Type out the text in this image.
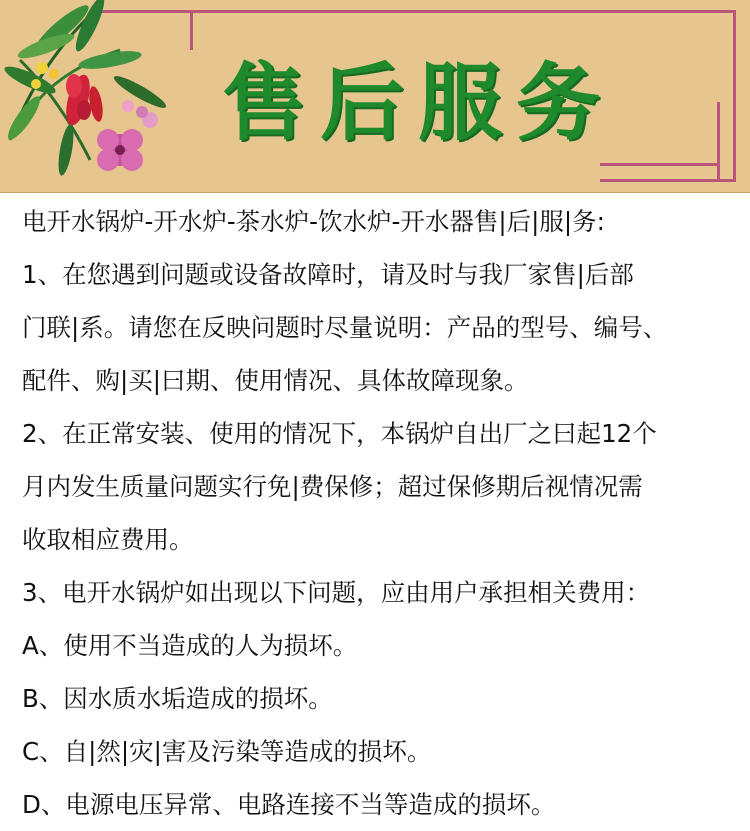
售后服务
电开水锅炉-开水炉-茶水炉-饮水炉-开水器售|后|服|务:
1、在您遇到问题或设备故障时，请及时与我厂家售|后部
门联|系。请您在反映问题时尽量说明：产品的型号、编号、
配件、购|买|曰期、使用情况、具体故障现象。
2、在正常安装、使用的情况下，本锅炉自出厂之曰起12个
月内发生质量问题实行免|费保修；超过保修期后视情况需
收取相应费用。
3、电开水锅炉如出现以下问题，应由用户承担相关费用：
A、使用不当造成的人为损坏。
B、因水质水垢造成的损坏。
C、自|然|灾|害及污染等造成的损坏。
D、电源电压异常、电路连接不当等造成的损坏。
